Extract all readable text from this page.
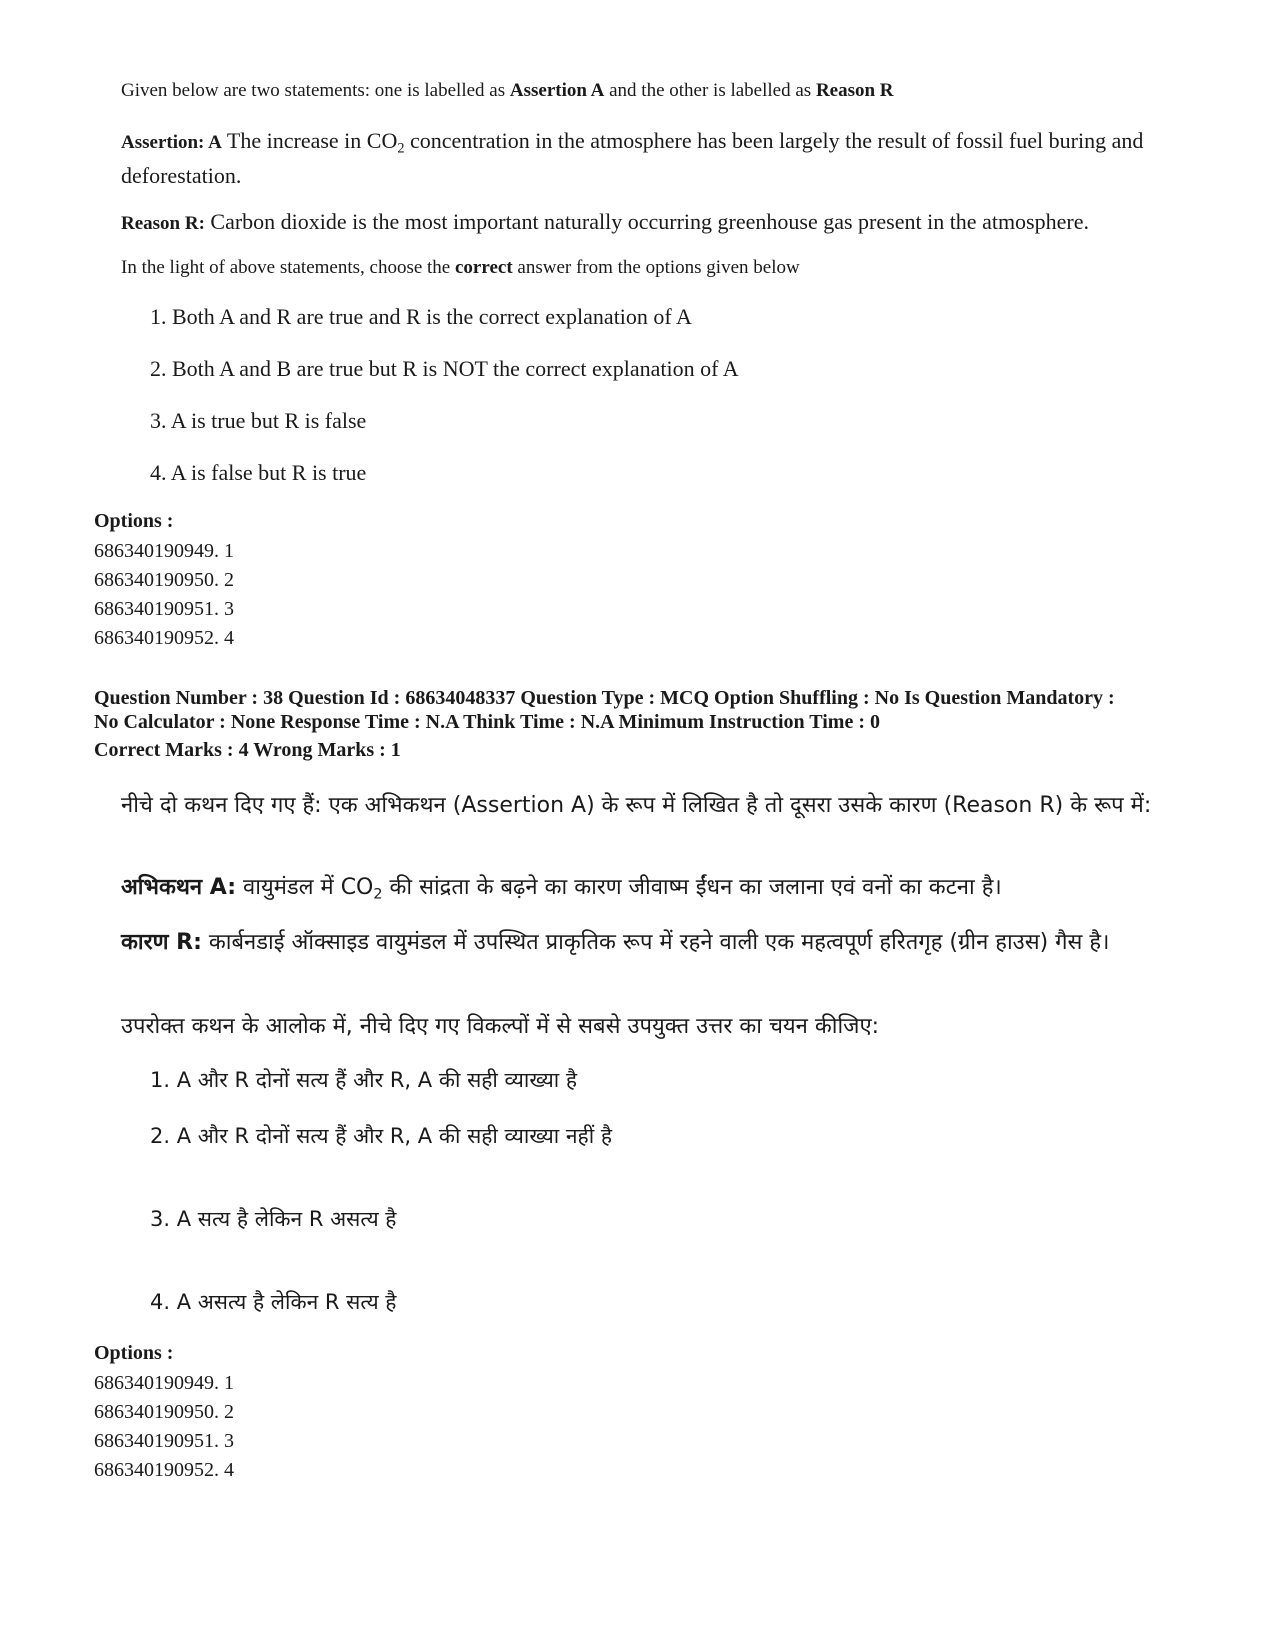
Given below are two statements: one is labelled as Assertion A and the other is labelled as Reason R
Assertion: A The increase in $CO_2$ concentration in the atmosphere has been largely the result of fossil fuel buring and deforestation.
Reason R: Carbon dioxide is the most important naturally occurring greenhouse gas present in the atmosphere.
In the light of above statements, choose the correct answer from the options given below
1. Both A and R are true and R is the correct explanation of A
2. Both A and B are true but R is NOT the correct explanation of A
3. A is true but R is false
4. A is false but R is true
Options :
686340190949. 1
686340190950. 2
686340190951. 3
686340190952. 4
Question Number : 38 Question Id : 68634048337 Question Type : MCQ Option Shuffling : No Is Question Mandatory :
No Calculator : None Response Time : N.A Think Time : N.A Minimum Instruction Time : 0
Correct Marks : 4 Wrong Marks : 1
नीचे दो कथन दिए गए हैं: एक अभिकथन (Assertion A) के रूप में लिखित है तो दूसरा उसके कारण (Reason R) के रूप में:
अभिकथन A: वायुमंडल में $CO_2$ की सांद्रता के बढ़ने का कारण जीवाष्म ईंधन का जलाना एवं वनों का कटना है।
कारण R: कार्बनडाई ऑक्साइड वायुमंडल में उपस्थित प्राकृतिक रूप में रहने वाली एक महत्वपूर्ण हरितगृह (ग्रीन हाउस) गैस है।
उपरोक्त कथन के आलोक में, नीचे दिए गए विकल्पों में से सबसे उपयुक्त उत्तर का चयन कीजिए:
1. A और R दोनों सत्य हैं और R, A की सही व्याख्या है
2. A और R दोनों सत्य हैं और R, A की सही व्याख्या नहीं है
3. A सत्य है लेकिन R असत्य है
4. A असत्य है लेकिन R सत्य है
Options :
686340190949. 1
686340190950. 2
686340190951. 3
686340190952. 4
